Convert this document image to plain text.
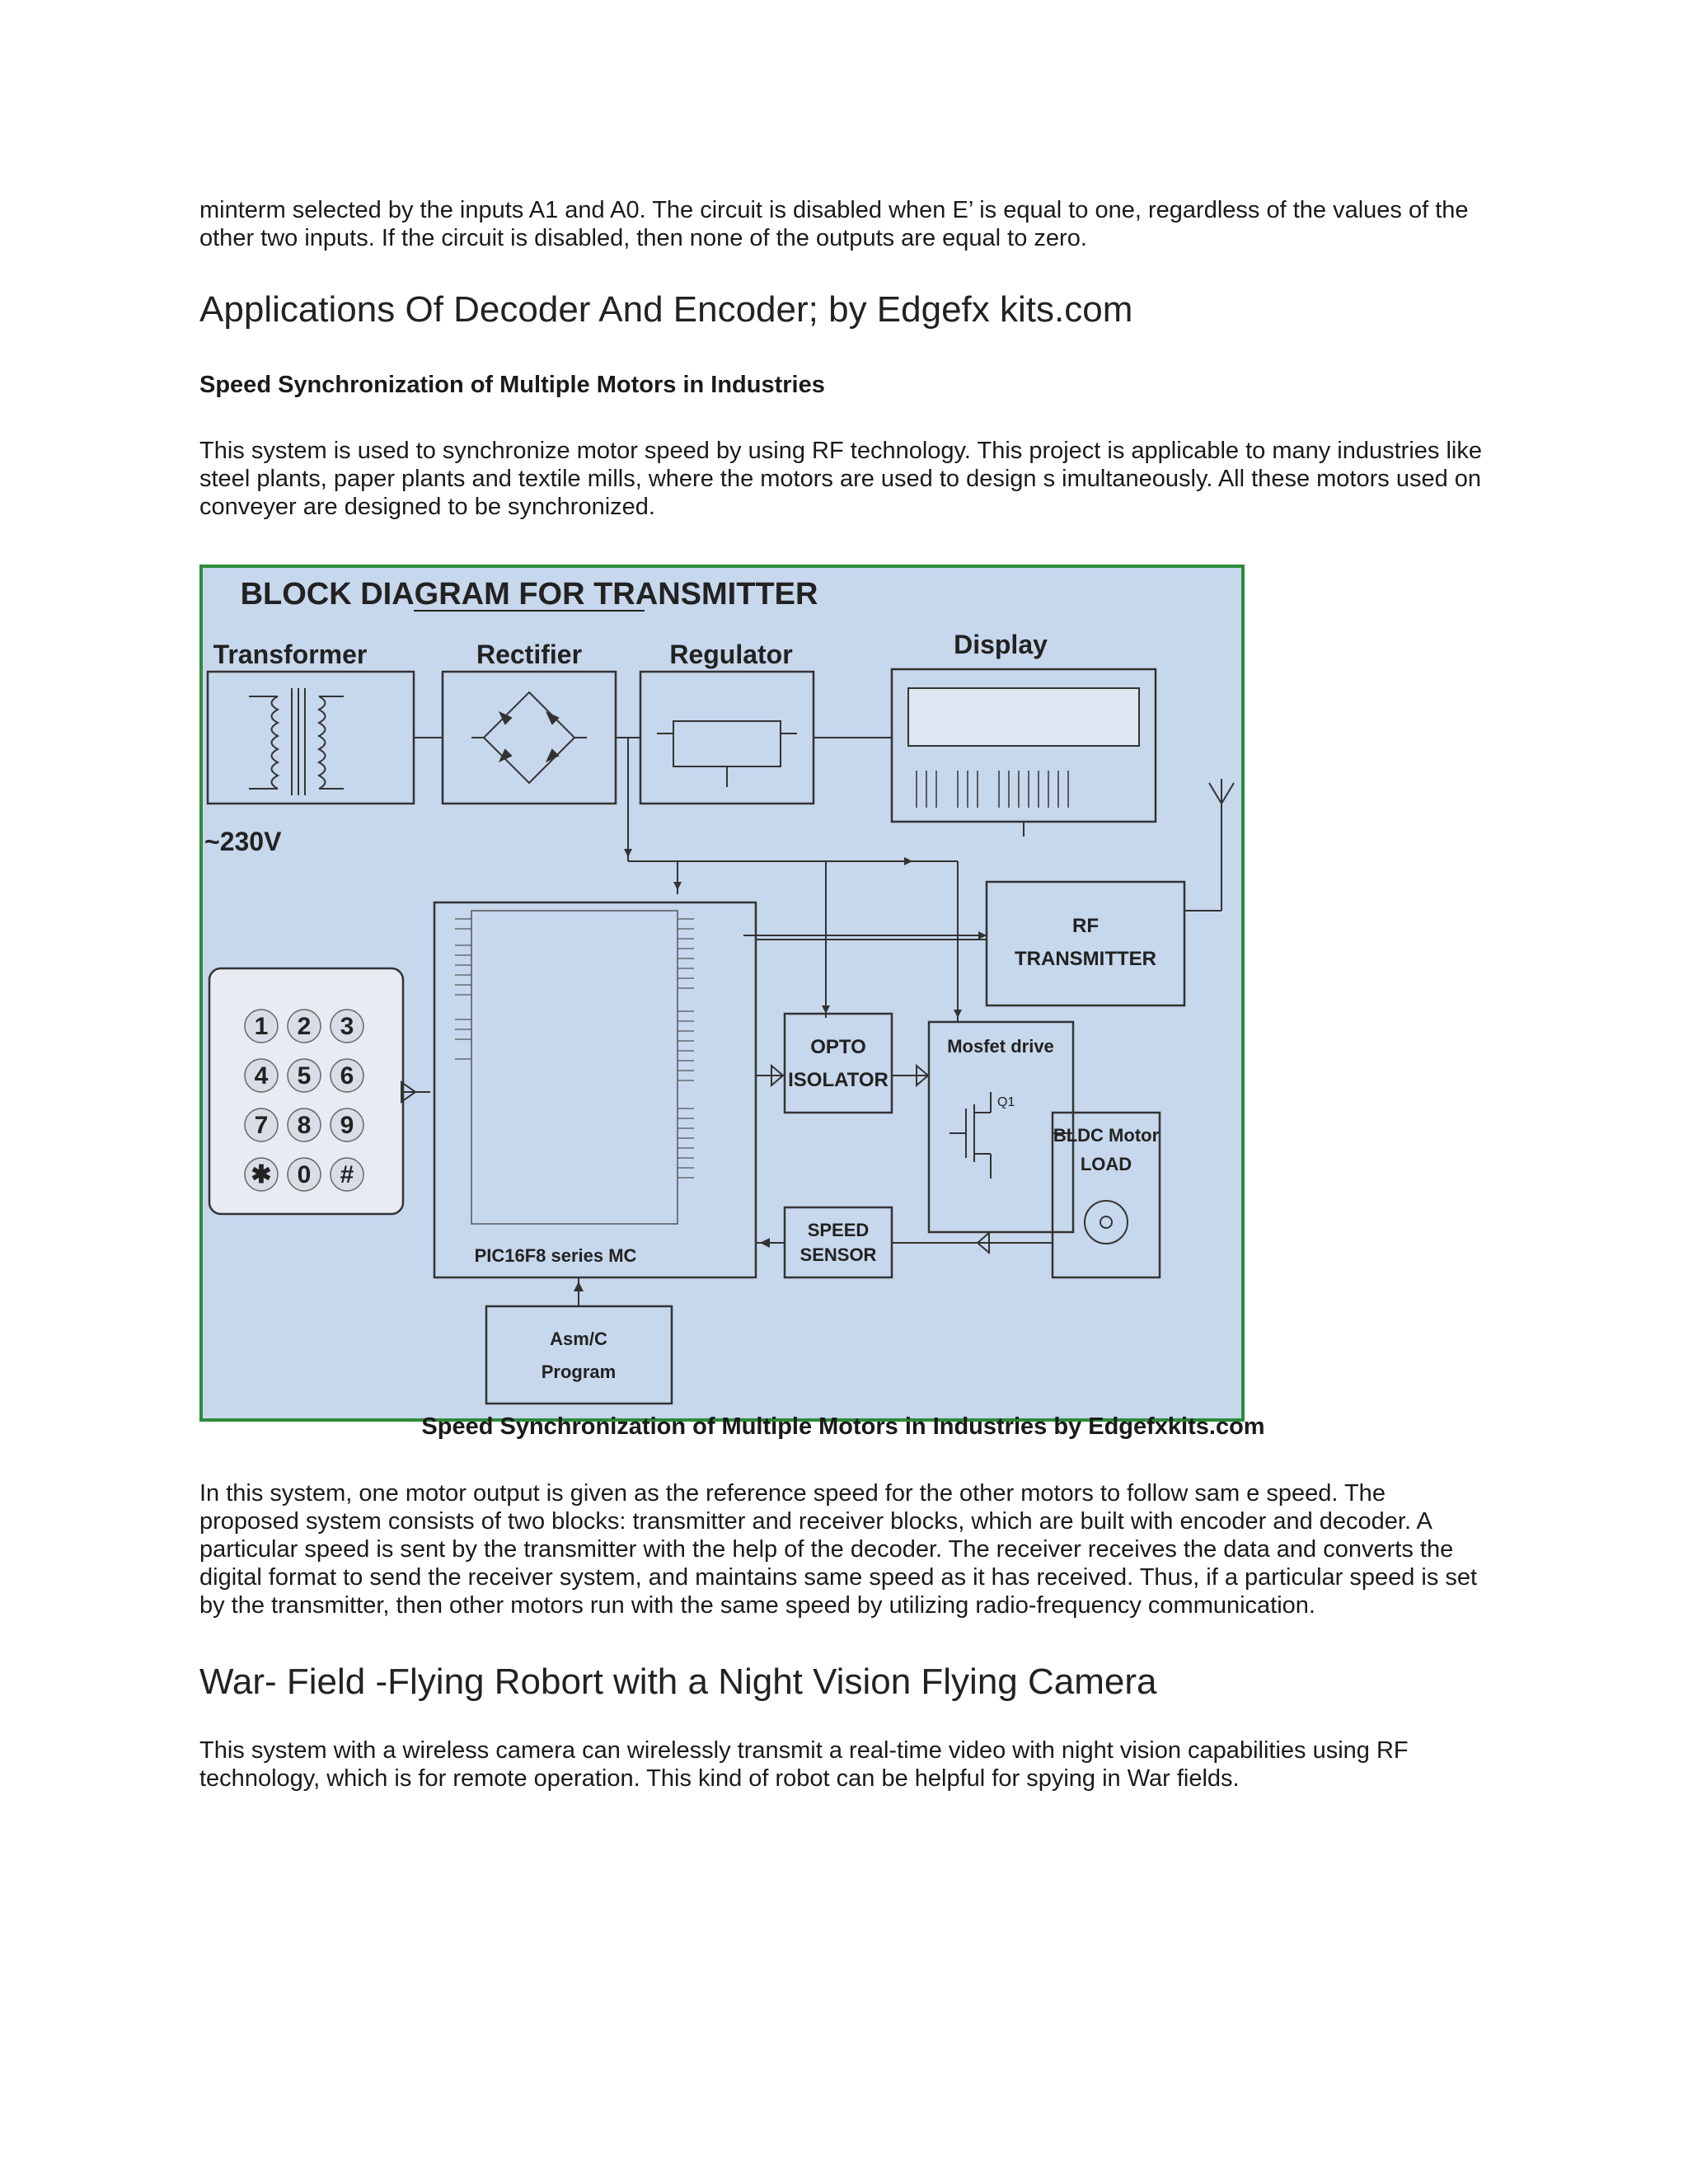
minterm selected by the inputs A1 and A0. The circuit is disabled when E’ is equal to one, regardless of the values of the other two inputs. If the circuit is disabled, then none of the outputs are equal to zero.

Applications Of Decoder And Encoder; by Edgefx kits.com
Speed Synchronization of Multiple Motors in Industries

This system is used to synchronize motor speed by using RF technology. This project is applicable to many industries like steel plants, paper plants and textile mills, where the motors are used to design s imultaneously. All these motors used on conveyer are designed to be synchronized.

BLOCK DIAGRAM FOR TRANSMITTER
Transformer	Rectifier	Regulator	Display
~230V
RF
TRANSMITTER
1 2 3
4 5 6
7 8 9
✱ 0 #
PIC16F8 series MC
OPTO
ISOLATOR
Mosfet drive
Q1
BLDC Motor
LOAD
SPEED
SENSOR
Asm/C
Program

Speed Synchronization of Multiple Motors in Industries by Edgefxkits.com

In this system, one motor output is given as the reference speed for the other motors to follow sam e speed. The proposed system consists of two blocks: transmitter and receiver blocks, which are built with encoder and decoder. A particular speed is sent by the transmitter with the help of the decoder. The receiver receives the data and converts the digital format to send the receiver system, and maintains same speed as it has received. Thus, if a particular speed is set by the transmitter, then other motors run with the same speed by utilizing radio-frequency communication.

War- Field -Flying Robort with a Night Vision Flying Camera

This system with a wireless camera can wirelessly transmit a real-time video with night vision capabilities using RF technology, which is for remote operation. This kind of robot can be helpful for spying in War fields.
